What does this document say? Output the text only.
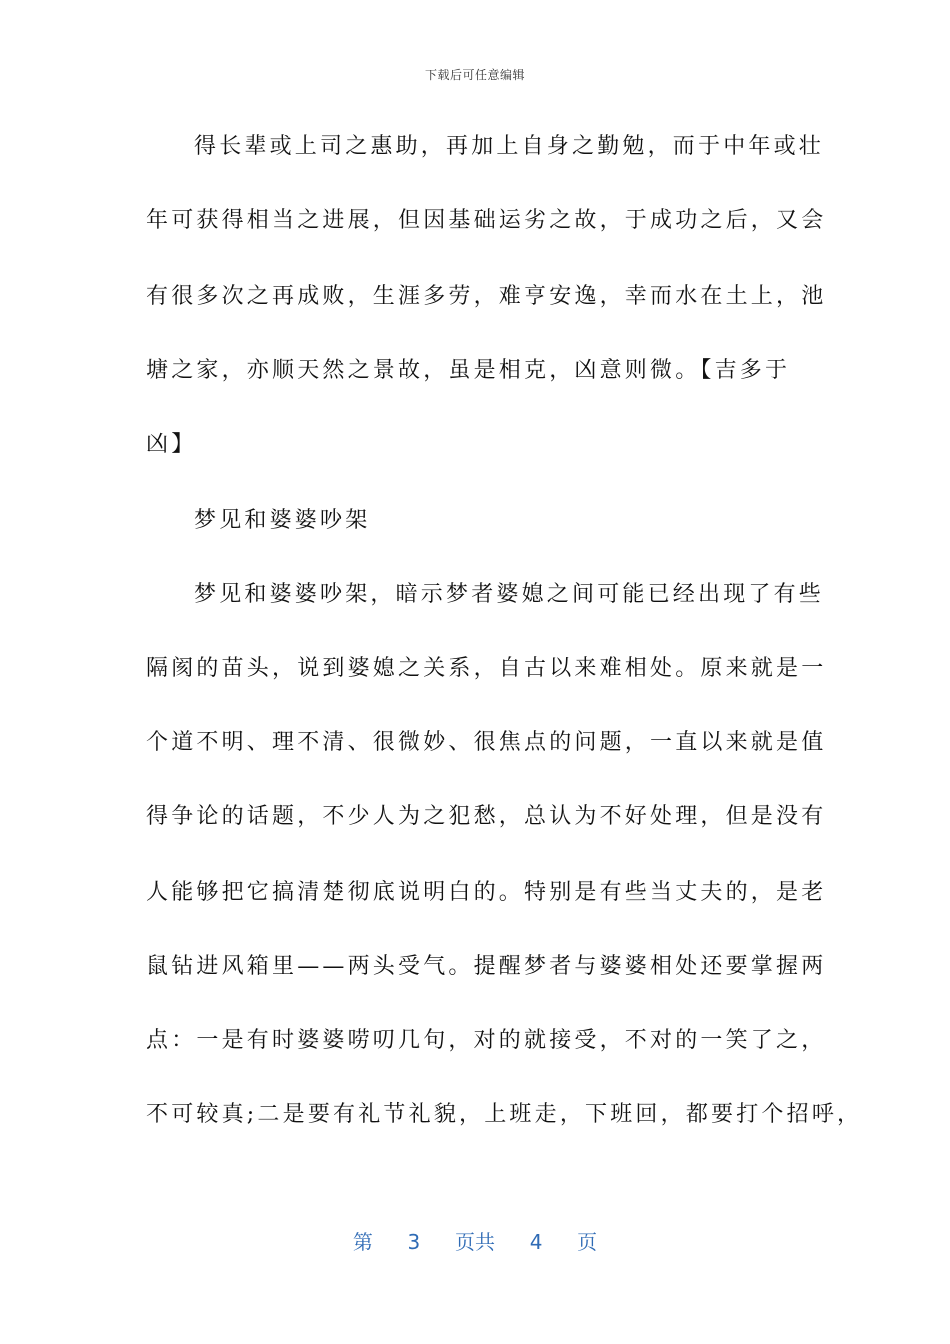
下载后可任意编辑
得长辈或上司之惠助，再加上自身之勤勉，而于中年或壮
年可获得相当之进展，但因基础运劣之故，于成功之后，又会
有很多次之再成败，生涯多劳，难亨安逸，幸而水在土上，池
塘之家，亦顺天然之景故，虽是相克，凶意则微。【吉多于
凶】
梦见和婆婆吵架
梦见和婆婆吵架，暗示梦者婆媳之间可能已经出现了有些
隔阂的苗头，说到婆媳之关系，自古以来难相处。原来就是一
个道不明、理不清、很微妙、很焦点的问题，一直以来就是值
得争论的话题，不少人为之犯愁，总认为不好处理，但是没有
人能够把它搞清楚彻底说明白的。特别是有些当丈夫的，是老
鼠钻进风箱里——两头受气。提醒梦者与婆婆相处还要掌握两
点：一是有时婆婆唠叨几句，对的就接受，不对的一笑了之，
不可较真;二是要有礼节礼貌，上班走，下班回，都要打个招呼，
第 3 页共 4 页
